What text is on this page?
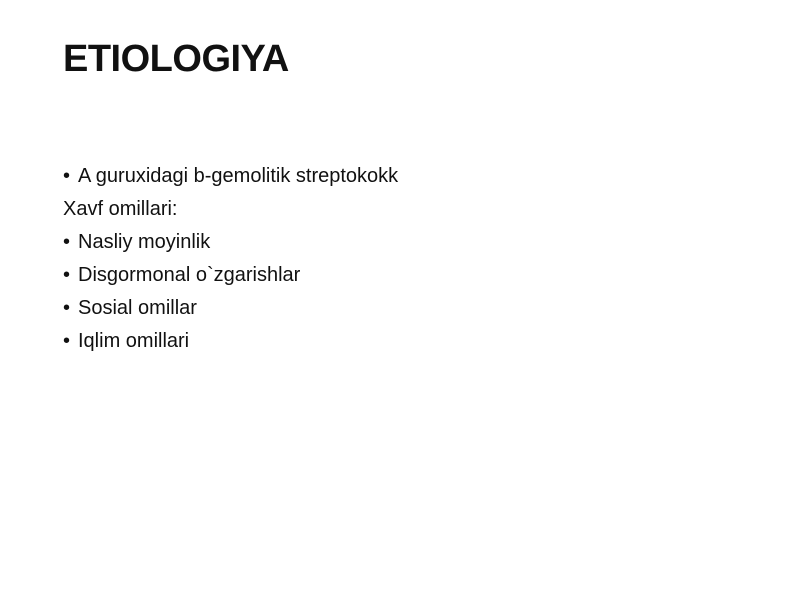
ETIOLOGIYA
• A guruxidagi b-gemolitik streptokokk
Xavf omillari:
• Nasliy moyinlik
• Disgormonal o`zgarishlar
• Sosial omillar
• Iqlim omillari
